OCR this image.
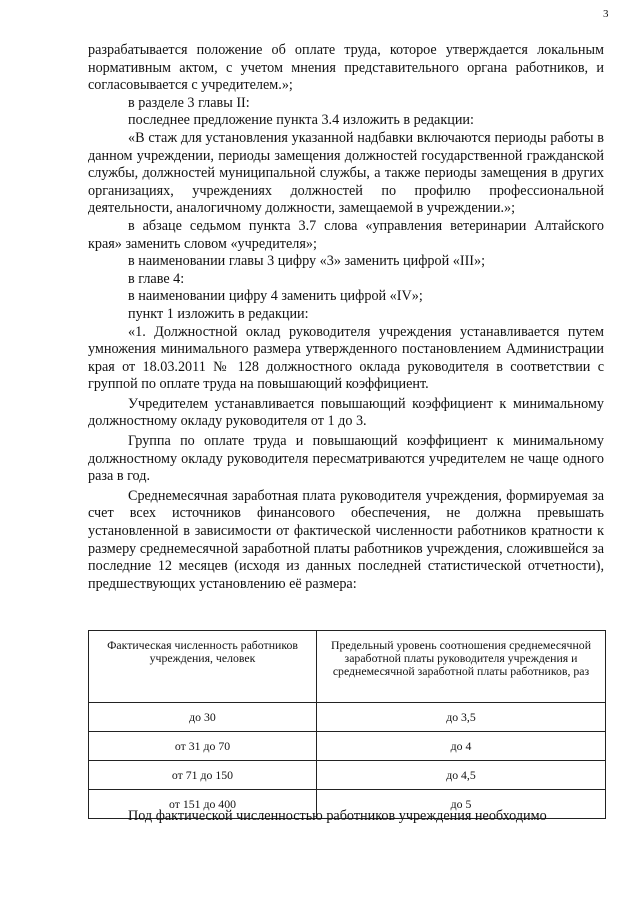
3

разрабатывается положение об оплате труда, которое утверждается локальным нормативным актом, с учетом мнения представительного органа работников, и согласовывается с учредителем.»;

в разделе 3 главы II:

последнее предложение пункта 3.4 изложить в редакции:

«В стаж для установления указанной надбавки включаются периоды работы в данном учреждении, периоды замещения должностей государственной гражданской службы, должностей муниципальной службы, а также периоды замещения в других организациях, учреждениях должностей по профилю профессиональной деятельности, аналогичному должности, замещаемой в учреждении.»;

в абзаце седьмом пункта 3.7 слова «управления ветеринарии Алтайского края» заменить словом «учредителя»;

в наименовании главы 3 цифру «3» заменить цифрой «III»;

в главе 4:

в наименовании цифру 4 заменить цифрой «IV»;

пункт 1 изложить в редакции:

«1. Должностной оклад руководителя учреждения устанавливается путем умножения минимального размера утвержденного постановлением Администрации края от 18.03.2011 № 128 должностного оклада руководителя в соответствии с группой по оплате труда на повышающий коэффициент.

Учредителем устанавливается повышающий коэффициент к минимальному должностному окладу руководителя от 1 до 3.

Группа по оплате труда и повышающий коэффициент к минимальному должностному окладу руководителя пересматриваются учредителем не чаще одного раза в год.

Среднемесячная заработная плата руководителя учреждения, формируемая за счет всех источников финансового обеспечения, не должна превышать установленной в зависимости от фактической численности работников кратности к размеру среднемесячной заработной платы работников учреждения, сложившейся за последние 12 месяцев (исходя из данных последней статистической отчетности), предшествующих установлению её размера:

Фактическая численность работников учреждения, человек	Предельный уровень соотношения среднемесячной заработной платы руководителя учреждения и среднемесячной заработной платы работников, раз
до 30	до 3,5
от 31 до 70	до 4
от 71 до 150	до 4,5
от 151 до 400	до 5
Под фактической численностью работников учреждения необходимо
